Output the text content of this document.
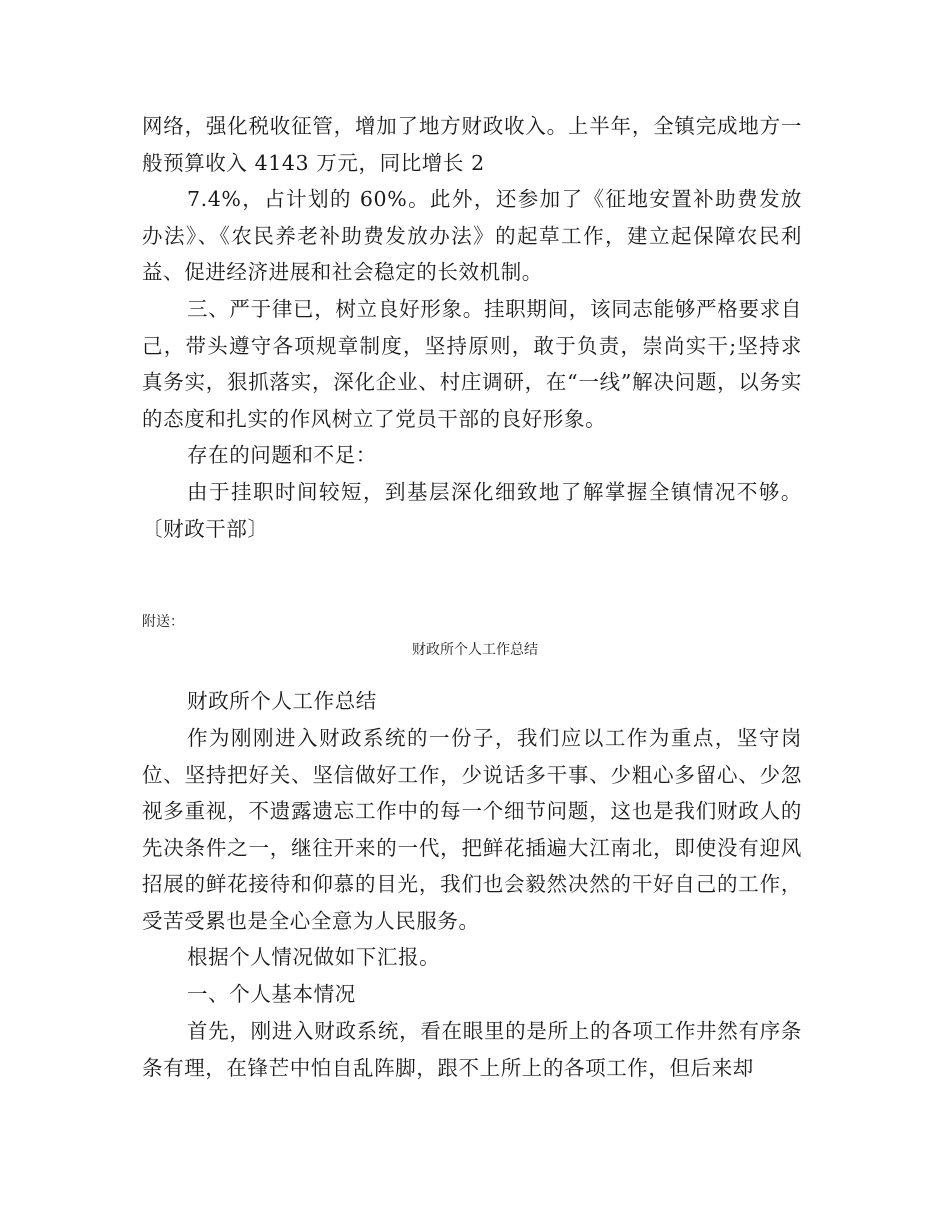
网络，强化税收征管，增加了地方财政收入。上半年，全镇完成地方一般预算收入 4143 万元，同比增长 2

7.4%，占计划的 60%。此外，还参加了《征地安置补助费发放办法》、《农民养老补助费发放办法》的起草工作，建立起保障农民利益、促进经济进展和社会稳定的长效机制。

三、严于律已，树立良好形象。挂职期间，该同志能够严格要求自己，带头遵守各项规章制度，坚持原则，敢于负责，崇尚实干;坚持求真务实，狠抓落实，深化企业、村庄调研，在“一线”解决问题，以务实的态度和扎实的作风树立了党员干部的良好形象。

存在的问题和不足：

由于挂职时间较短，到基层深化细致地了解掌握全镇情况不够。〔财政干部〕

附送：

财政所个人工作总结

财政所个人工作总结

作为刚刚进入财政系统的一份子，我们应以工作为重点，坚守岗位、坚持把好关、坚信做好工作，少说话多干事、少粗心多留心、少忽视多重视，不遗露遗忘工作中的每一个细节问题，这也是我们财政人的先决条件之一，继往开来的一代，把鲜花插遍大江南北，即使没有迎风招展的鲜花接待和仰慕的目光，我们也会毅然决然的干好自己的工作，受苦受累也是全心全意为人民服务。

根据个人情况做如下汇报。

一、个人基本情况

首先，刚进入财政系统，看在眼里的是所上的各项工作井然有序条条有理，在锋芒中怕自乱阵脚，跟不上所上的各项工作，但后来却
